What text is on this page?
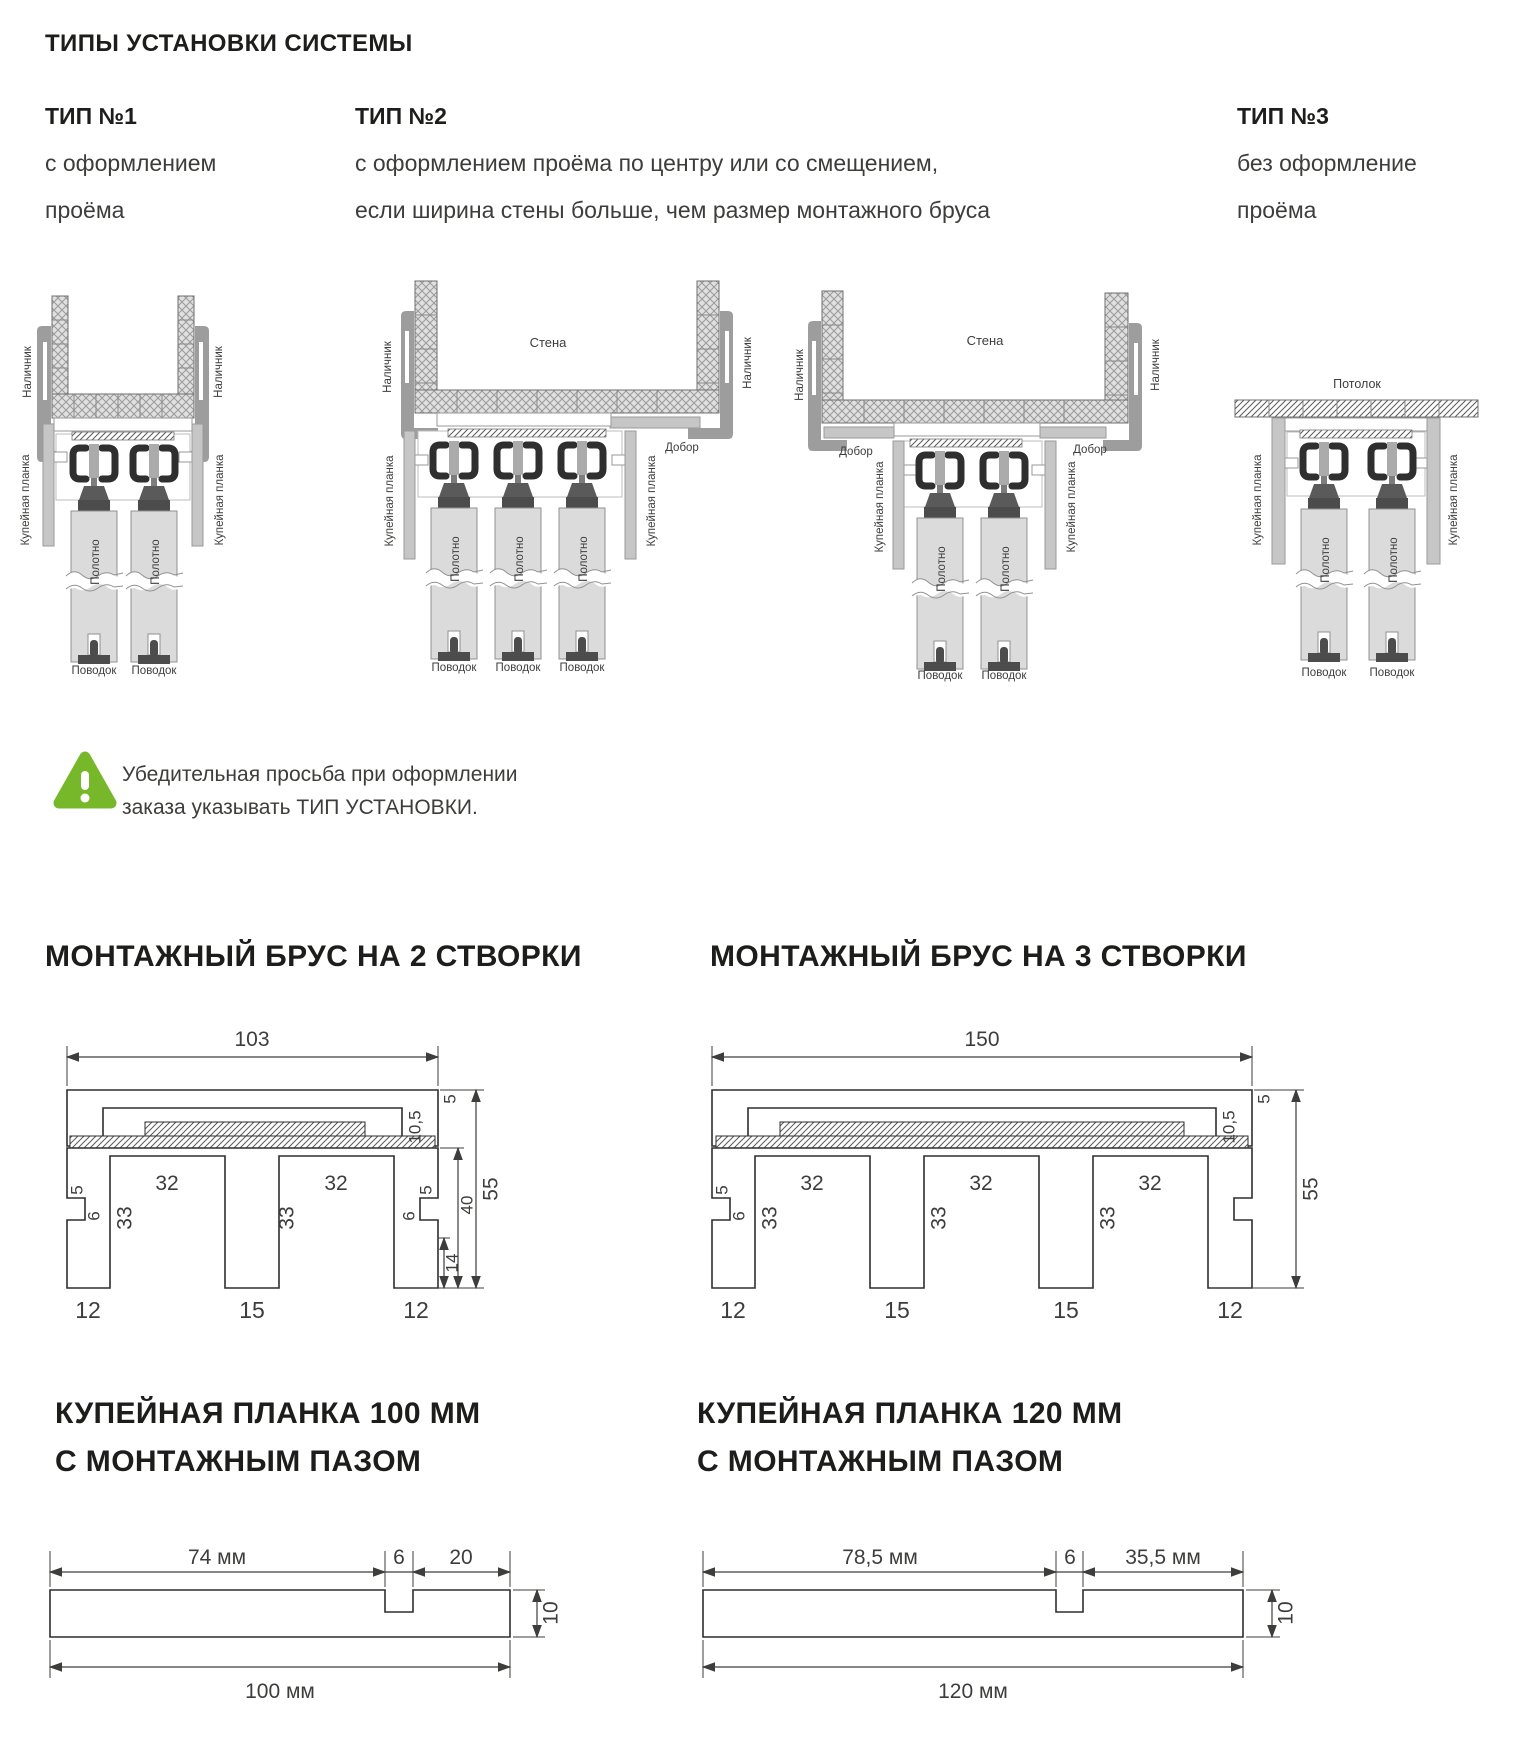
ТИПЫ УСТАНОВКИ СИСТЕМЫ
ТИП №1
с оформлением
проёма
ТИП №2
с оформлением проёма по центру или со смещением,
если ширина стены больше, чем размер монтажного бруса
ТИП №3
без оформление
проёма
Наличник	Наличник
Купейная планка	Купейная планка
Поводок Поводок
Стена
Наличник	Наличник
Добор
Купейная планка	Купейная планка
Поводок Поводок Поводок
Стена
Наличник	Наличник
Добор	Добор
Купейная планка	Купейная планка
Поводок Поводок
Потолок
Купейная планка	Купейная планка
Поводок Поводок
Убедительная просьба при оформлении
заказа указывать ТИП УСТАНОВКИ.
МОНТАЖНЫЙ БРУС НА 2 СТВОРКИ
103
5
10,5
55
40
14
32	32
33	33
5
6
5
6
12	15	12
МОНТАЖНЫЙ БРУС НА 3 СТВОРКИ
150
5
10,5
55
32	32	32
33	33	33
5
6
12	15	15	12
КУПЕЙНАЯ ПЛАНКА 100 ММ
С МОНТАЖНЫМ ПАЗОМ
74 мм	6 20
10
100 мм
КУПЕЙНАЯ ПЛАНКА 120 ММ
С МОНТАЖНЫМ ПАЗОМ
78,5 мм	6 35,5 мм
10
120 мм
